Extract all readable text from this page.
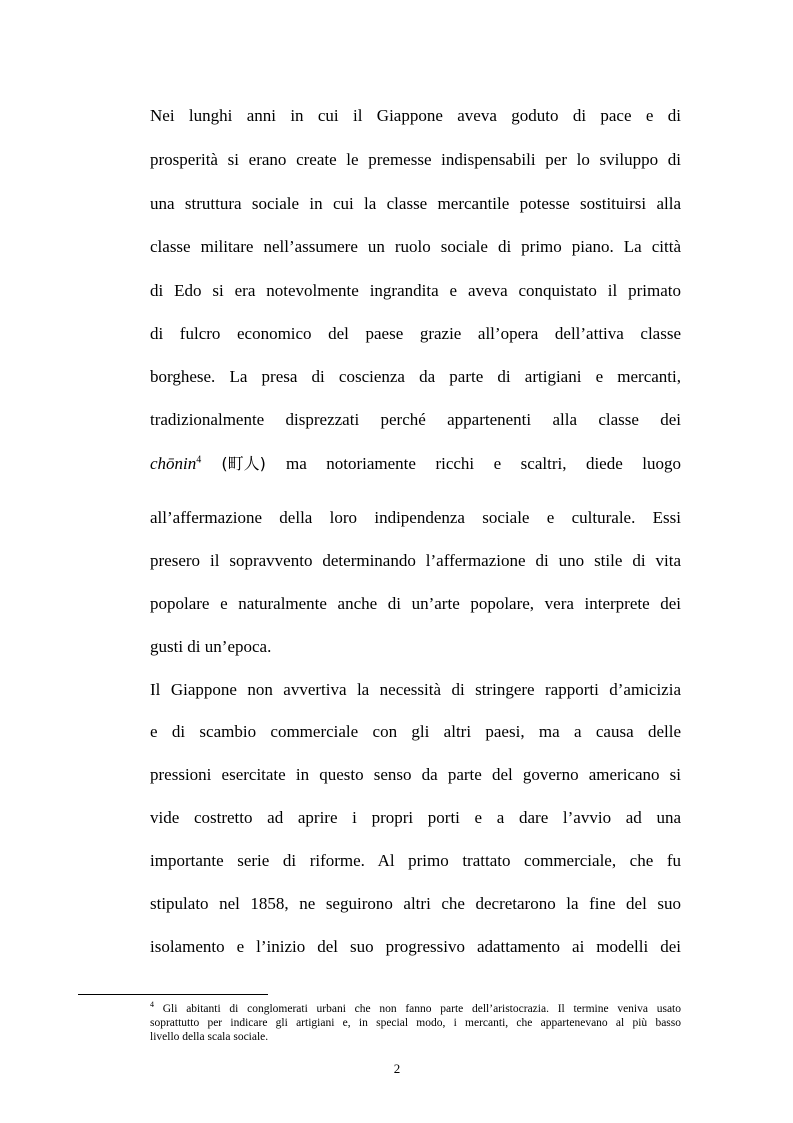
Nei lunghi anni in cui il Giappone aveva goduto di pace e di
prosperità si erano create le premesse indispensabili per lo sviluppo di
una struttura sociale in cui la classe mercantile potesse sostituirsi alla
classe militare nell’assumere un ruolo sociale di primo piano. La città
di Edo si era notevolmente ingrandita e aveva conquistato il primato
di fulcro economico del paese grazie all’opera dell’attiva classe
borghese. La presa di coscienza da parte di artigiani e mercanti,
tradizionalmente disprezzati perché appartenenti alla classe dei
chōnin$^4$ (町人) ma notoriamente ricchi e scaltri, diede luogo
all’affermazione della loro indipendenza sociale e culturale. Essi
presero il sopravvento determinando l’affermazione di uno stile di vita
popolare e naturalmente anche di un’arte popolare, vera interprete dei
gusti di un’epoca.
Il Giappone non avvertiva la necessità di stringere rapporti d’amicizia
e di scambio commerciale con gli altri paesi, ma a causa delle
pressioni esercitate in questo senso da parte del governo americano si
vide costretto ad aprire i propri porti e a dare l’avvio ad una
importante serie di riforme. Al primo trattato commerciale, che fu
stipulato nel 1858, ne seguirono altri che decretarono la fine del suo
isolamento e l’inizio del suo progressivo adattamento ai modelli dei
$^4$ Gli abitanti di conglomerati urbani che non fanno parte dell’aristocrazia. Il termine veniva usato
soprattutto per indicare gli artigiani e, in special modo, i mercanti, che appartenevano al più basso
livello della scala sociale.
2
